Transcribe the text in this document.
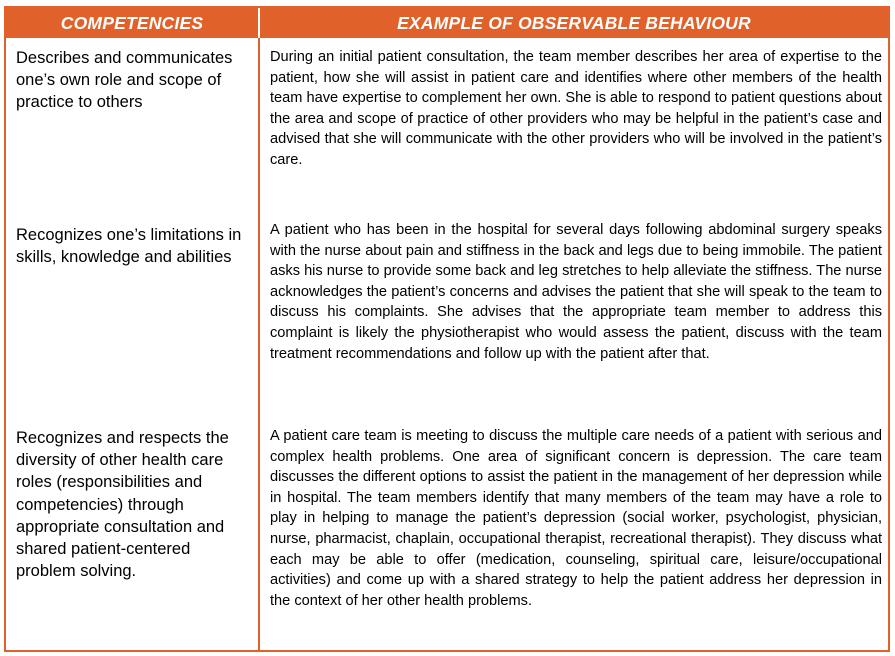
COMPETENCIES	EXAMPLE OF OBSERVABLE BEHAVIOUR
Describes and communicates one’s own role and scope of practice to others
During an initial patient consultation, the team member describes her area of expertise to the patient, how she will assist in patient care and identifies where other members of the health team have expertise to complement her own. She is able to respond to patient questions about the area and scope of practice of other providers who may be helpful in the patient’s case and advised that she will communicate with the other providers who will be involved in the patient’s care.
Recognizes one’s limitations in skills, knowledge and abilities
A patient who has been in the hospital for several days following abdominal surgery speaks with the nurse about pain and stiffness in the back and legs due to being immobile. The patient asks his nurse to provide some back and leg stretches to help alleviate the stiffness. The nurse acknowledges the patient’s concerns and advises the patient that she will speak to the team to discuss his complaints. She advises that the appropriate team member to address this complaint is likely the physiotherapist who would assess the patient, discuss with the team treatment recommendations and follow up with the patient after that.
Recognizes and respects the diversity of other health care roles (responsibilities and competencies) through appropriate consultation and shared patient-centered problem solving.
A patient care team is meeting to discuss the multiple care needs of a patient with serious and complex health problems. One area of significant concern is depression. The care team discusses the different options to assist the patient in the management of her depression while in hospital. The team members identify that many members of the team may have a role to play in helping to manage the patient’s depression (social worker, psychologist, physician, nurse, pharmacist, chaplain, occupational therapist, recreational therapist). They discuss what each may be able to offer (medication, counseling, spiritual care, leisure/occupational activities) and come up with a shared strategy to help the patient address her depression in the context of her other health problems.
